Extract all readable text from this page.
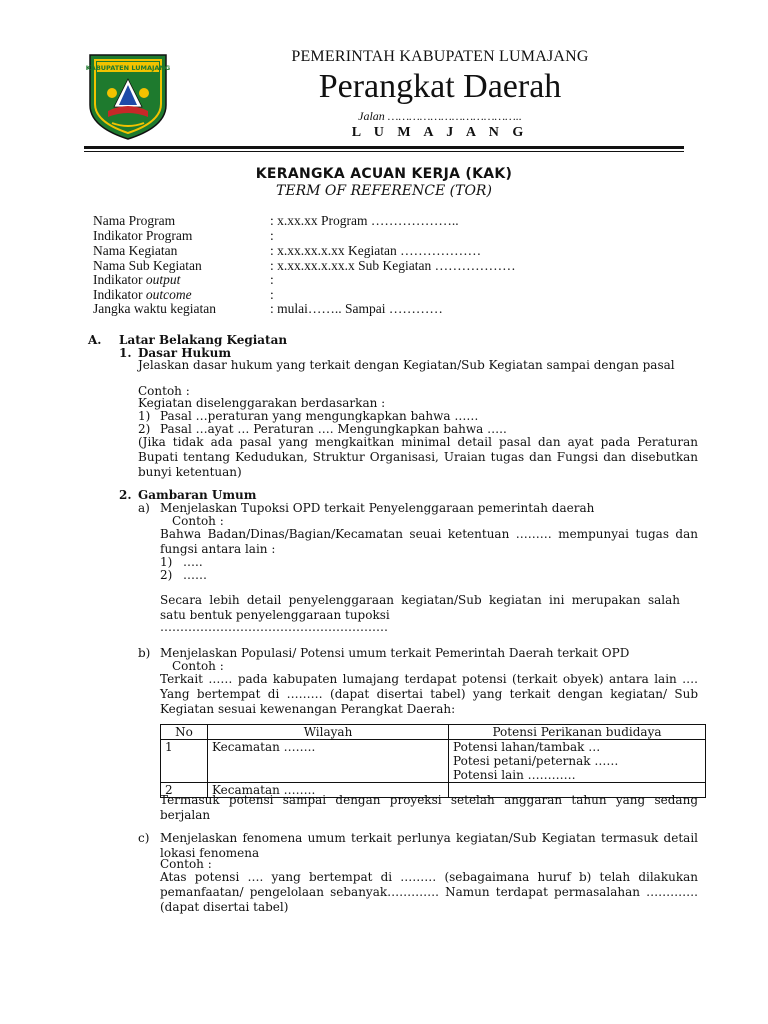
KABUPATEN LUMAJANG
PEMERINTAH KABUPATEN LUMAJANG
Perangkat Daerah
Jalan ………………………………..
L U M A J A N G
KERANGKA ACUAN KERJA (KAK)
TERM OF REFERENCE (TOR)
Nama Program	: x.xx.xx Program ………………..
Indikator Program	:
Nama Kegiatan	: x.xx.xx.x.xx Kegiatan ………………
Nama Sub Kegiatan	: x.xx.xx.x.xx.x Sub Kegiatan ………………
Indikator output	:
Indikator outcome	:
Jangka waktu kegiatan	: mulai…….. Sampai …………
A. Latar Belakang Kegiatan
1. Dasar Hukum
Jelaskan dasar hukum yang terkait dengan Kegiatan/Sub Kegiatan sampai dengan pasal
Contoh :
Kegiatan diselenggarakan berdasarkan :
1) Pasal …peraturan yang mengungkapkan bahwa ……
2) Pasal …ayat … Peraturan …. Mengungkapkan bahwa …..
(Jika tidak ada pasal yang mengkaitkan minimal detail pasal dan ayat pada Peraturan Bupati tentang Kedudukan, Struktur Organisasi, Uraian tugas dan Fungsi dan disebutkan bunyi ketentuan)
2. Gambaran Umum
a) Menjelaskan Tupoksi OPD terkait Penyelenggaraan pemerintah daerah
Contoh :
Bahwa Badan/Dinas/Bagian/Kecamatan seuai ketentuan ……… mempunyai tugas dan fungsi antara lain :
1) …..
2) ……
Secara lebih detail penyelenggaraan kegiatan/Sub kegiatan ini merupakan salah satu bentuk penyelenggaraan tupoksi
…………………………………………………
b) Menjelaskan Populasi/ Potensi umum terkait Pemerintah Daerah terkait OPD
Contoh :
Terkait …… pada kabupaten lumajang terdapat potensi (terkait obyek) antara lain …. Yang bertempat di ……… (dapat disertai tabel) yang terkait dengan kegiatan/ Sub Kegiatan sesuai kewenangan Perangkat Daerah:
No	Wilayah	Potensi Perikanan budidaya
1	Kecamatan ……..	Potensi lahan/tambak …
Potesi petani/peternak ……
Potensi lain …………

2	Kecamatan ……..	
Termasuk potensi sampai dengan proyeksi setelah anggaran tahun yang sedang berjalan
c) Menjelaskan fenomena umum terkait perlunya kegiatan/Sub Kegiatan termasuk detail lokasi fenomena
Contoh :
Atas potensi …. yang bertempat di ……… (sebagaimana huruf b) telah dilakukan pemanfaatan/ pengelolaan sebanyak…………. Namun terdapat permasalahan …………. (dapat disertai tabel)
